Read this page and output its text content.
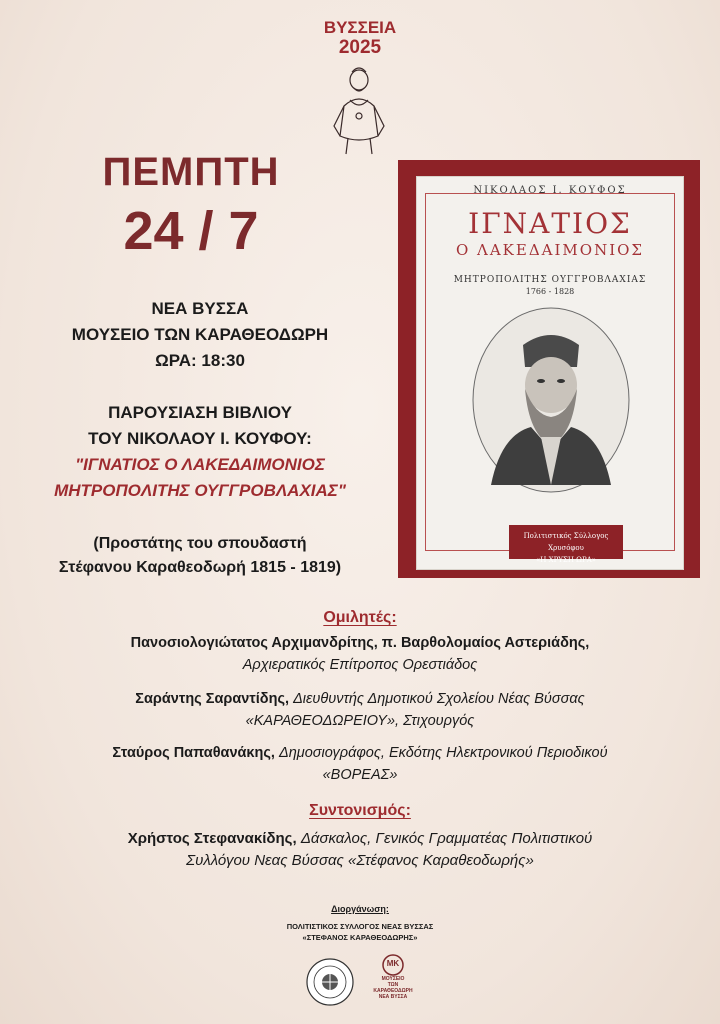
ΒΥΣΣΕΙΑ
2025
ΠΕΜΠΤΗ
24 / 7
ΝΕΑ ΒΥΣΣΑ
ΜΟΥΣΕΙΟ ΤΩΝ ΚΑΡΑΘΕΟΔΩΡΗ
ΩΡΑ: 18:30
ΠΑΡΟΥΣΙΑΣΗ ΒΙΒΛΙΟΥ
ΤΟΥ ΝΙΚΟΛΑΟΥ Ι. ΚΟΥΦΟΥ:
"ΙΓΝΑΤΙΟΣ Ο ΛΑΚΕΔΑΙΜΟΝΙΟΣ
ΜΗΤΡΟΠΟΛΙΤΗΣ ΟΥΓΓΡΟΒΛΑΧΙΑΣ"
(Προστάτης του σπουδαστή
Στέφανου Καραθεοδωρή 1815 - 1819)
ΝΙΚΟΛΑΟΣ Ι. ΚΟΥΦΟΣ
ΙΓΝΑΤΙΟΣ
Ο ΛΑΚΕΔΑΙΜΟΝΙΟΣ
ΜΗΤΡΟΠΟΛΙΤΗΣ ΟΥΓΓΡΟΒΛΑΧΙΑΣ
1766 - 1828
Πολιτιστικός Σύλλογος Χρυσόφου
«Η ΧΡΥΣΗ ΩΡΑ»
Ομιλητές:
Πανοσιολογιώτατος Αρχιμανδρίτης, π. Βαρθολομαίος Αστεριάδης,
Αρχιερατικός Επίτροπος Ορεστιάδος
Σαράντης Σαραντίδης, Διευθυντής Δημοτικού Σχολείου Νέας Βύσσας
«ΚΑΡΑΘΕΟΔΩΡΕΙΟΥ», Στιχουργός
Σταύρος Παπαθανάκης, Δημοσιογράφος, Εκδότης Ηλεκτρονικού Περιοδικού
«ΒΟΡΕΑΣ»
Συντονισμός:
Χρήστος Στεφανακίδης, Δάσκαλος, Γενικός Γραμματέας Πολιτιστικού
Συλλόγου Νεας Βύσσας «Στέφανος Καραθεοδωρής»
Διοργάνωση:
ΠΟΛΙΤΙΣΤΙΚΟΣ ΣΥΛΛΟΓΟΣ ΝΕΑΣ ΒΥΣΣΑΣ
«ΣΤΕΦΑΝΟΣ ΚΑΡΑΘΕΟΔΩΡΗΣ»
MK
ΜΟΥΣΕΙΟ
ΤΩΝ
ΚΑΡΑΘΕΟΔΩΡΗ
ΝΕΑ ΒΥΣΣΑ
